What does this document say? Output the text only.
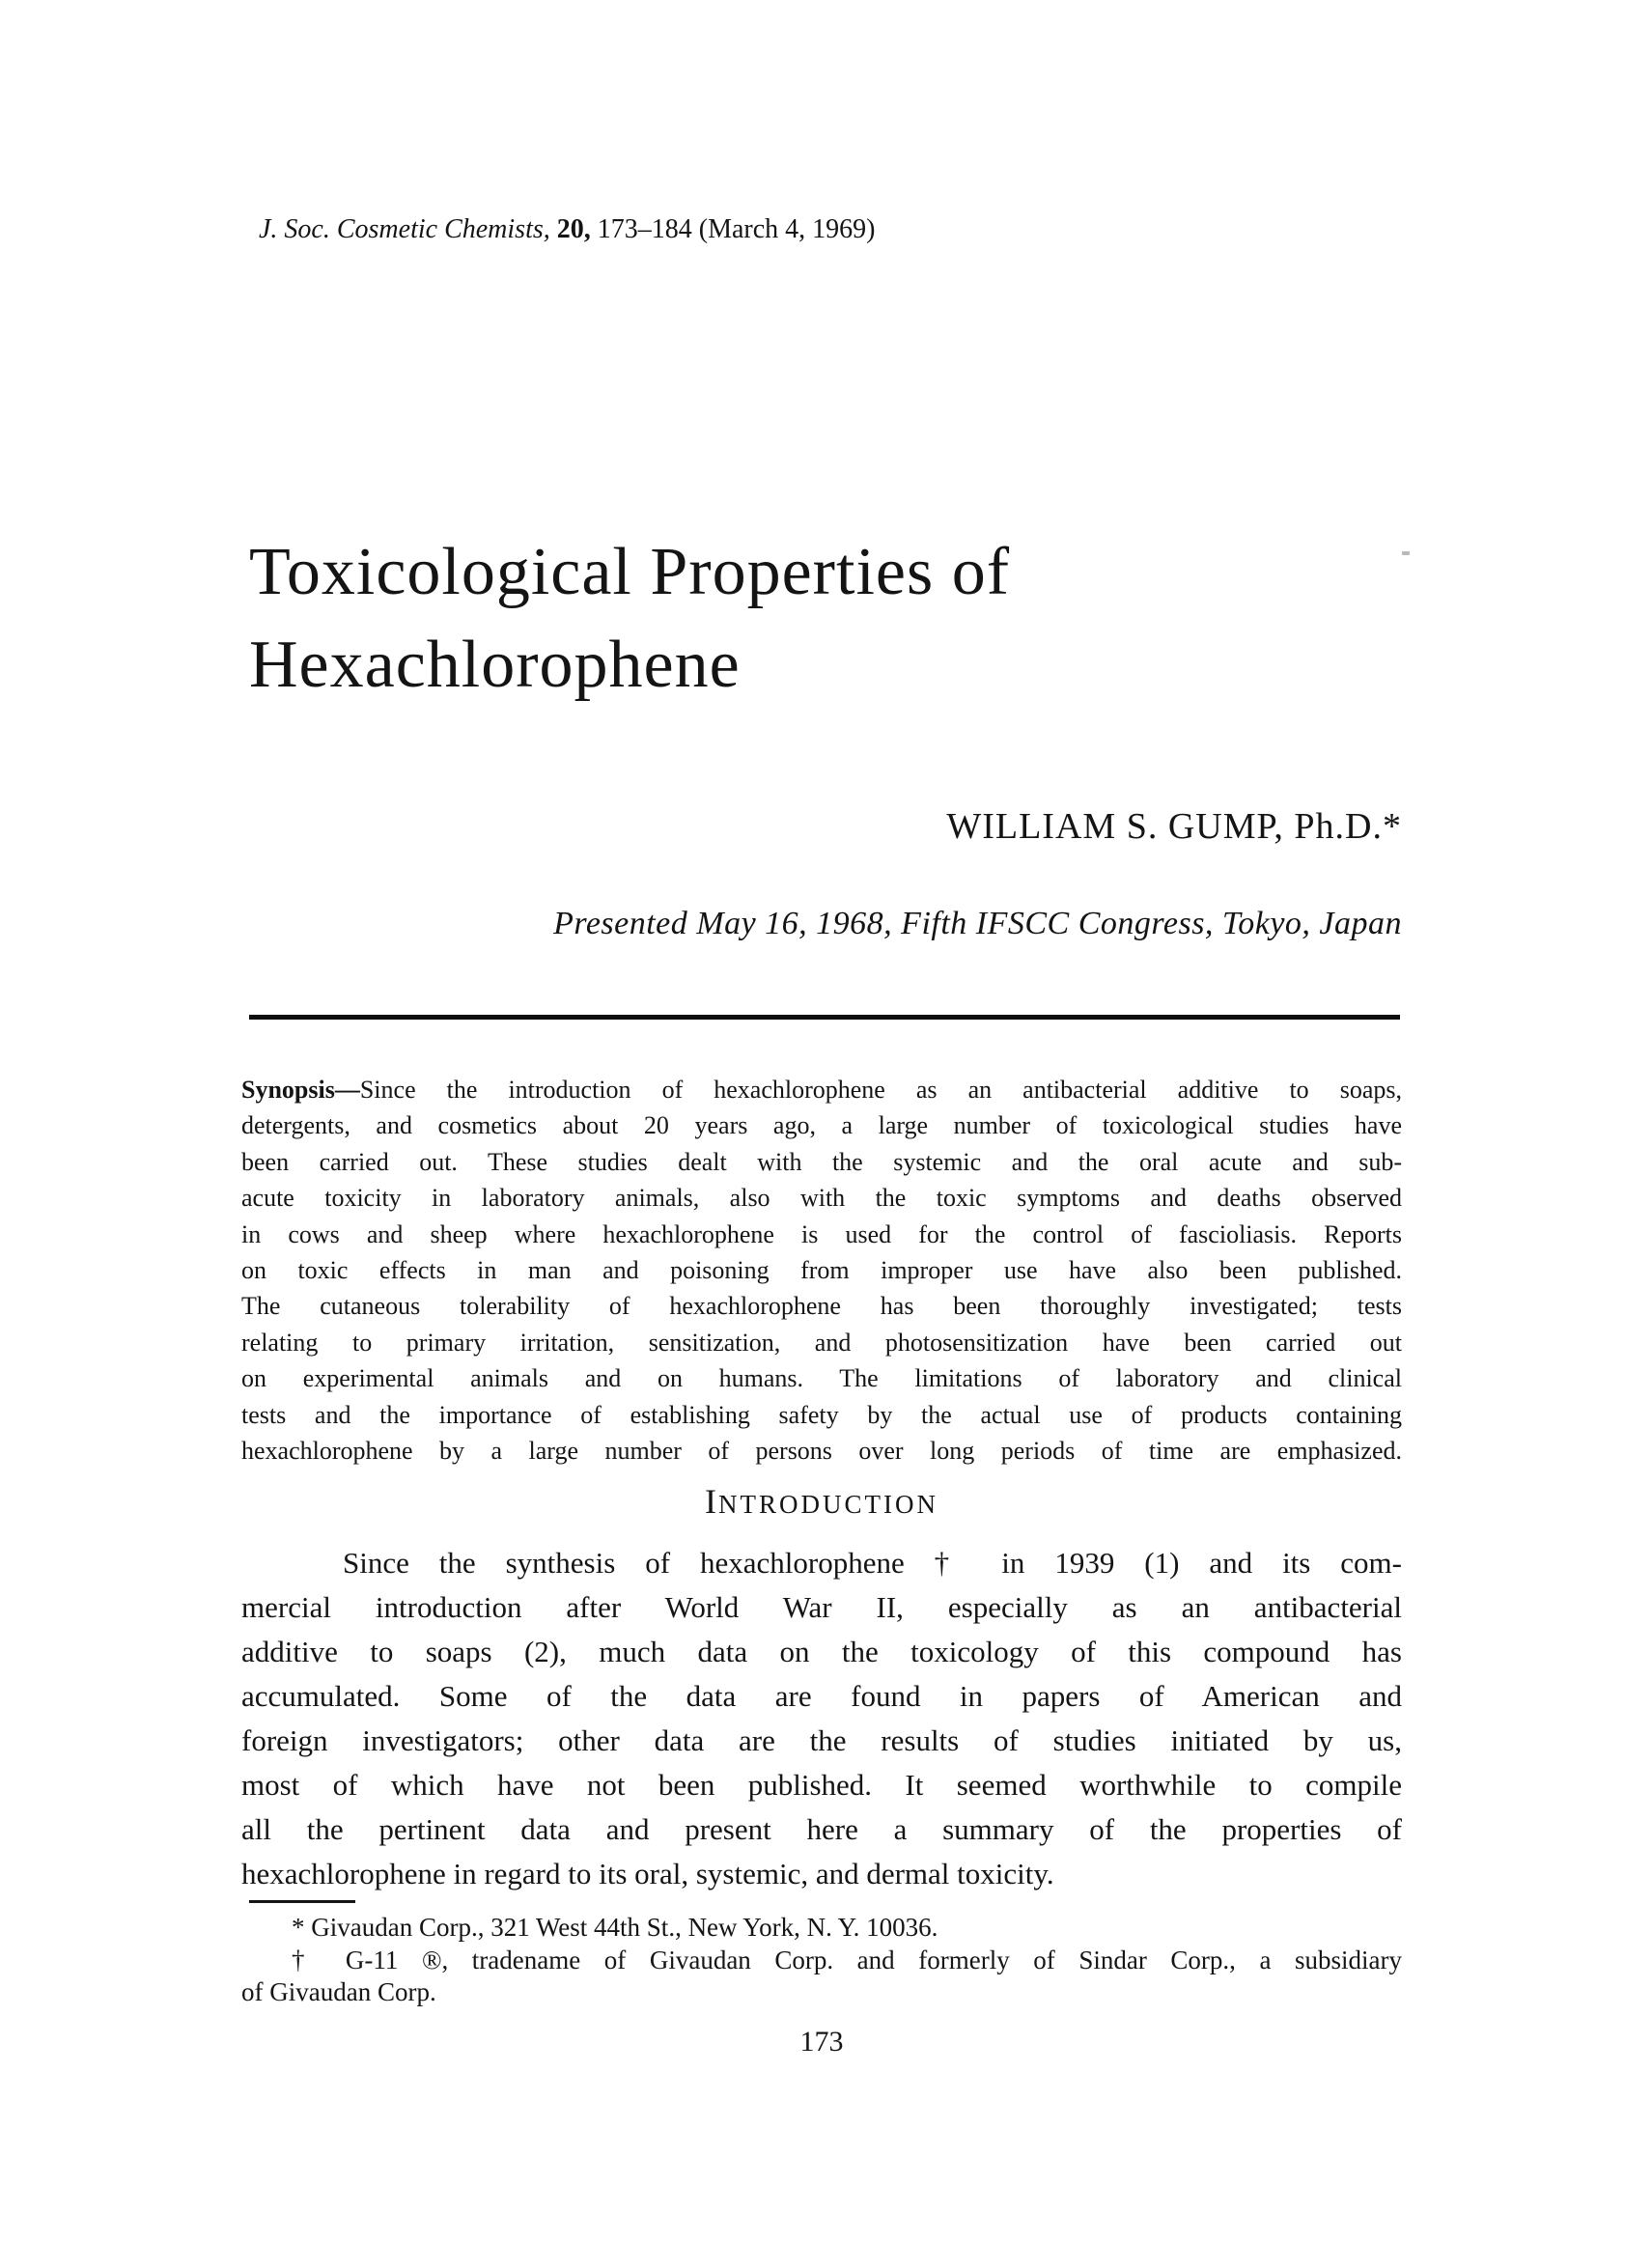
J. Soc. Cosmetic Chemists, 20, 173–184 (March 4, 1969)
Toxicological Properties of
Hexachlorophene
WILLIAM S. GUMP, Ph.D.*
Presented May 16, 1968, Fifth IFSCC Congress, Tokyo, Japan
Synopsis—Since the introduction of hexachlorophene as an antibacterial additive to soaps,
detergents, and cosmetics about 20 years ago, a large number of toxicological studies have
been carried out. These studies dealt with the systemic and the oral acute and sub-
acute toxicity in laboratory animals, also with the toxic symptoms and deaths observed
in cows and sheep where hexachlorophene is used for the control of fascioliasis. Reports
on toxic effects in man and poisoning from improper use have also been published.
The cutaneous tolerability of hexachlorophene has been thoroughly investigated; tests
relating to primary irritation, sensitization, and photosensitization have been carried out
on experimental animals and on humans. The limitations of laboratory and clinical
tests and the importance of establishing safety by the actual use of products containing
hexachlorophene by a large number of persons over long periods of time are emphasized.
INTRODUCTION
Since the synthesis of hexachlorophene † in 1939 (1) and its com-
mercial introduction after World War II, especially as an antibacterial
additive to soaps (2), much data on the toxicology of this compound has
accumulated. Some of the data are found in papers of American and
foreign investigators; other data are the results of studies initiated by us,
most of which have not been published. It seemed worthwhile to compile
all the pertinent data and present here a summary of the properties of
hexachlorophene in regard to its oral, systemic, and dermal toxicity.
* Givaudan Corp., 321 West 44th St., New York, N. Y. 10036.
† G-11 ®, tradename of Givaudan Corp. and formerly of Sindar Corp., a subsidiary
of Givaudan Corp.
173
